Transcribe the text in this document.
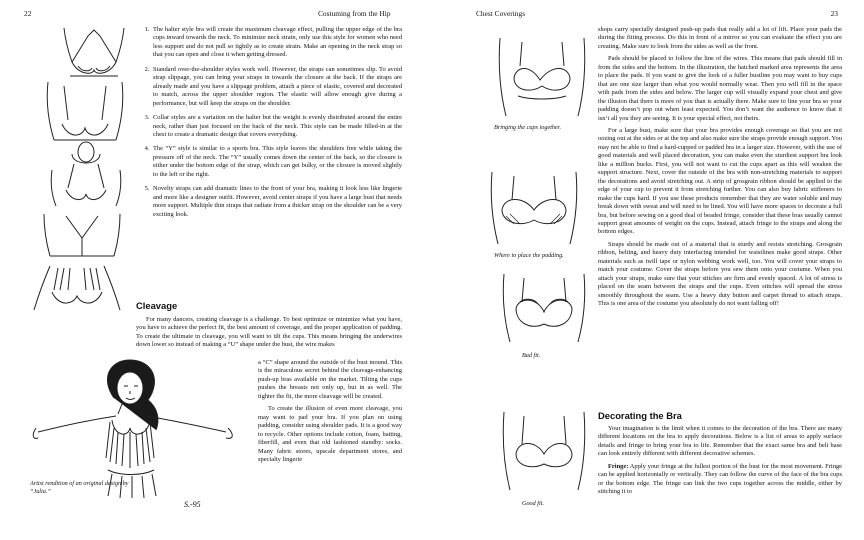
22	Costuming from the Hip
1. The halter style bra will create the maximum cleavage effect, pulling the upper edge of the bra cups inward towards the neck. To minimize neck strain, only use this style for women who need less support and do not pull so tightly as to create strain. Make an opening in the neck strap so that you can open and close it when getting dressed.
2. Standard over-the-shoulder styles work well. However, the straps can sometimes slip. To avoid strap slippage, you can bring your straps in towards the closure at the back. If the straps are already made and you have a slippage problem, attach a piece of elastic, covered and decorated to match, across the upper shoulder region. The elastic will allow enough give during a performance, but will keep the straps on the shoulder.
3. Collar styles are a variation on the halter but the weight is evenly distributed around the entire neck, rather than just focused on the back of the neck. This style can be made filled-in at the chest to create a dramatic design that covers everything.
4. The “Y” style is similar to a sports bra. This style leaves the shoulders free while taking the pressure off of the neck. The “Y” usually comes down the center of the back, so the closure is either under the bottom edge of the strap, which can get bulky, or the closure is moved slightly to the left or the right.
5. Novelty straps can add dramatic lines to the front of your bra, making it look less like lingerie and more like a designer outfit. However, avoid center straps if you have a large bust that needs more support. Multiple thin straps that radiate from a thicker strap on the shoulder can be a very exciting look.
Cleavage

For many dancers, creating cleavage is a challenge. To best optimize or minimize what you have, you have to achieve the perfect fit, the best amount of coverage, and the proper application of padding. To create the ultimate in cleavage, you will want to tilt the cups. This means bringing the underwires down lower so instead of making a “U” shape under the bust, the wire makes

a “C” shape around the outside of the bust mound. This is the miraculous secret behind the cleavage-enhancing push-up bras available on the market. Tilting the cups pushes the breasts not only up, but in as well. The tighter the fit, the more cleavage will be created.

To create the illusion of even more cleavage, you may want to pad your bra. If you plan on using padding, consider using shoulder pads. It is a good way to recycle. Other options include cotton, foam, batting, fiberfill, and even that old fashioned standby: socks. Many fabric stores, upscale department stores, and specialty lingerie

Artist rendition of an original design by “Julia.”
S.-95
Chest Coverings	23
Bringing the cups together.
Where to place the padding.
Bad fit.
Good fit.

shops carry specially designed push-up pads that really add a lot of lift. Place your pads the during the fitting process. Do this in front of a mirror so you can evaluate the effect you are creating. Make sure to look from the sides as well as the front.

Pads should be placed to follow the line of the wires. This means that pads should fill in from the sides and the bottom. In the illustration, the hatched marked area represents the area to place the pads. If you want to give the look of a fuller bustline you may want to buy cups that are one size larger than what you would normally wear. Then you will fill in the space with pads from the sides and below. The larger cup will visually expand your chest and give the illusion that there is more of you than is actually there. Make sure to line your bra so your padding doesn’t pop out when least expected. You don’t want the audience to know that it isn’t all you they are seeing. It is your special effect, not theirs.

For a large bust, make sure that your bra provides enough coverage so that you are not oozing out at the sides or at the top and also make sure the straps provide enough support. You may not be able to find a hard-cupped or padded bra in a larger size. However, with the use of good materials and well placed decoration, you can make even the sturdiest support bra look like a million bucks. First, you will not want to cut the cups apart as this will weaken the support structure. Next, cover the outside of the bra with non-stretching materials to support the decorations and avoid stretching out. A strip of grosgrain ribbon should be applied to the edge of your cup to prevent it from stretching further. You can also buy fabric stiffeners to make the cups hard. If you use these products remember that they are water soluble and may break down with sweat and will need to be lined. You will have more spaces to decorate a full bra, but before sewing on a good deal of beaded fringe, consider that these bras usually cannot support great amounts of weight on the cups. Instead, attach fringe to the straps and along the bottom edges.

Straps should be made out of a material that is sturdy and resists stretching. Grosgrain ribbon, belting, and heavy duty interfacing intended for waistlines make good straps. Other materials such as twill tape or nylon webbing work well, too. You will cover your straps to match your costume. Cover the straps before you sew them onto your costume. When you attach your straps, make sure that your stitches are firm and evenly spaced. A lot of stress is placed on the seam between the straps and the cups. Even stitches will spread the stress smoothly throughout the seam. Use a heavy duty button and carpet thread to attach straps. This is one area of the costume you absolutely do not want falling off!

Decorating the Bra

Your imagination is the limit when it comes to the decoration of the bra. There are many different locations on the bra to apply decorations. Below is a list of areas to apply surface details and fringe to bring your bra to life. Remember that the exact same bra and belt base can look entirely different with different decorative schemes.

Fringe: Apply your fringe at the fullest portion of the bust for the most movement. Fringe can be applied horizontally or vertically. They can follow the curve of the face of the bra cups or the bottom edge. The fringe can link the two cups together across the middle, either by stitching it to
